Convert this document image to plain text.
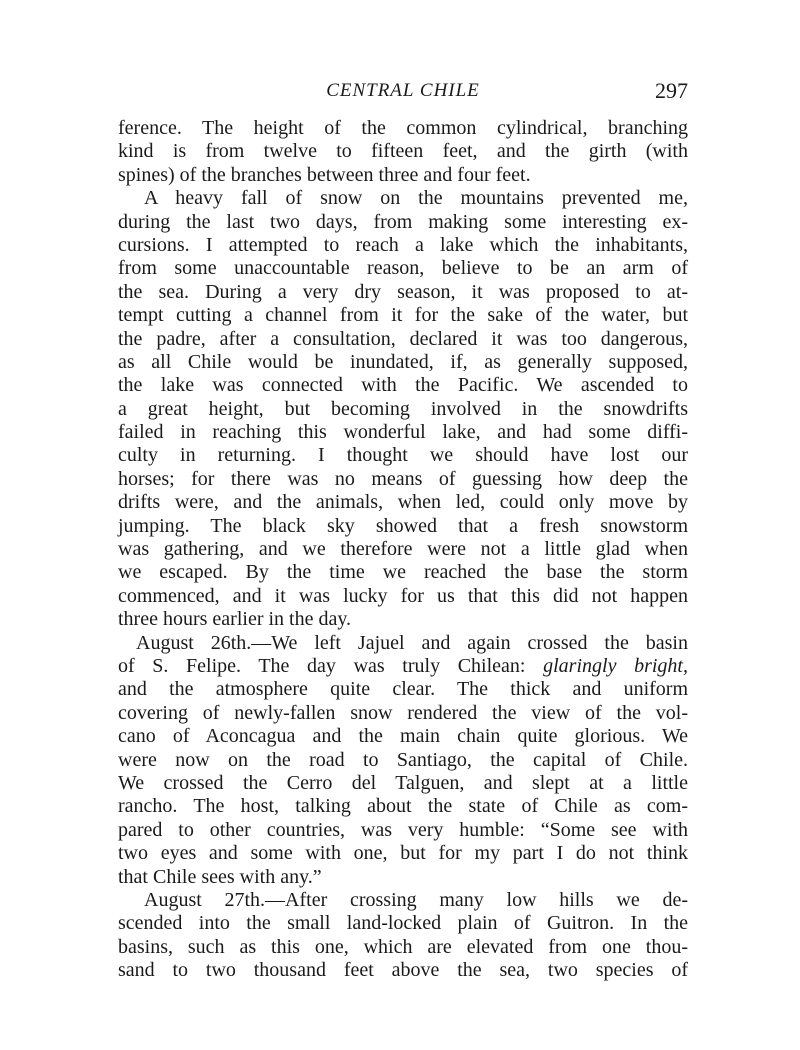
CENTRAL CHILE	297
ference. The height of the common cylindrical, branching
kind is from twelve to fifteen feet, and the girth (with
spines) of the branches between three and four feet.
A heavy fall of snow on the mountains prevented me,
during the last two days, from making some interesting ex-
cursions. I attempted to reach a lake which the inhabitants,
from some unaccountable reason, believe to be an arm of
the sea. During a very dry season, it was proposed to at-
tempt cutting a channel from it for the sake of the water, but
the padre, after a consultation, declared it was too dangerous,
as all Chile would be inundated, if, as generally supposed,
the lake was connected with the Pacific. We ascended to
a great height, but becoming involved in the snowdrifts
failed in reaching this wonderful lake, and had some diffi-
culty in returning. I thought we should have lost our
horses; for there was no means of guessing how deep the
drifts were, and the animals, when led, could only move by
jumping. The black sky showed that a fresh snowstorm
was gathering, and we therefore were not a little glad when
we escaped. By the time we reached the base the storm
commenced, and it was lucky for us that this did not happen
three hours earlier in the day.
August 26th.—We left Jajuel and again crossed the basin
of S. Felipe. The day was truly Chilean: glaringly bright,
and the atmosphere quite clear. The thick and uniform
covering of newly-fallen snow rendered the view of the vol-
cano of Aconcagua and the main chain quite glorious. We
were now on the road to Santiago, the capital of Chile.
We crossed the Cerro del Talguen, and slept at a little
rancho. The host, talking about the state of Chile as com-
pared to other countries, was very humble: “Some see with
two eyes and some with one, but for my part I do not think
that Chile sees with any.”
August 27th.—After crossing many low hills we de-
scended into the small land-locked plain of Guitron. In the
basins, such as this one, which are elevated from one thou-
sand to two thousand feet above the sea, two species of
